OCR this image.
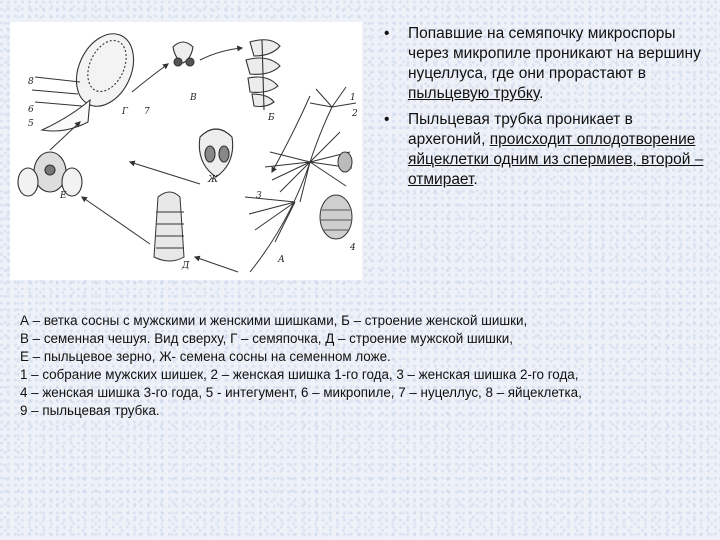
Г
В
Б
Е
Ж
Д
А
1
2
3
4
5
6	7
8
• Попавшие на семяпочку микроспоры через микропиле проникают на вершину нуцеллуса, где они прорастают в пыльцевую трубку.
• Пыльцевая трубка проникает в архегоний, происходит оплодотворение яйцеклетки одним из спермиев, второй – отмирает.

А – ветка сосны с мужскими и женскими шишками, Б – строение женской шишки,

В – семенная чешуя. Вид сверху, Г – семяпочка, Д – строение мужской шишки,

Е – пыльцевое зерно, Ж- семена сосны на семенном ложе.

1 – собрание мужских шишек, 2 – женская шишка 1-го года, 3 – женская шишка 2-го года,

4 – женская шишка 3-го года, 5 - интегумент, 6 – микропиле, 7 – нуцеллус, 8 – яйцеклетка,

9 – пыльцевая трубка.
